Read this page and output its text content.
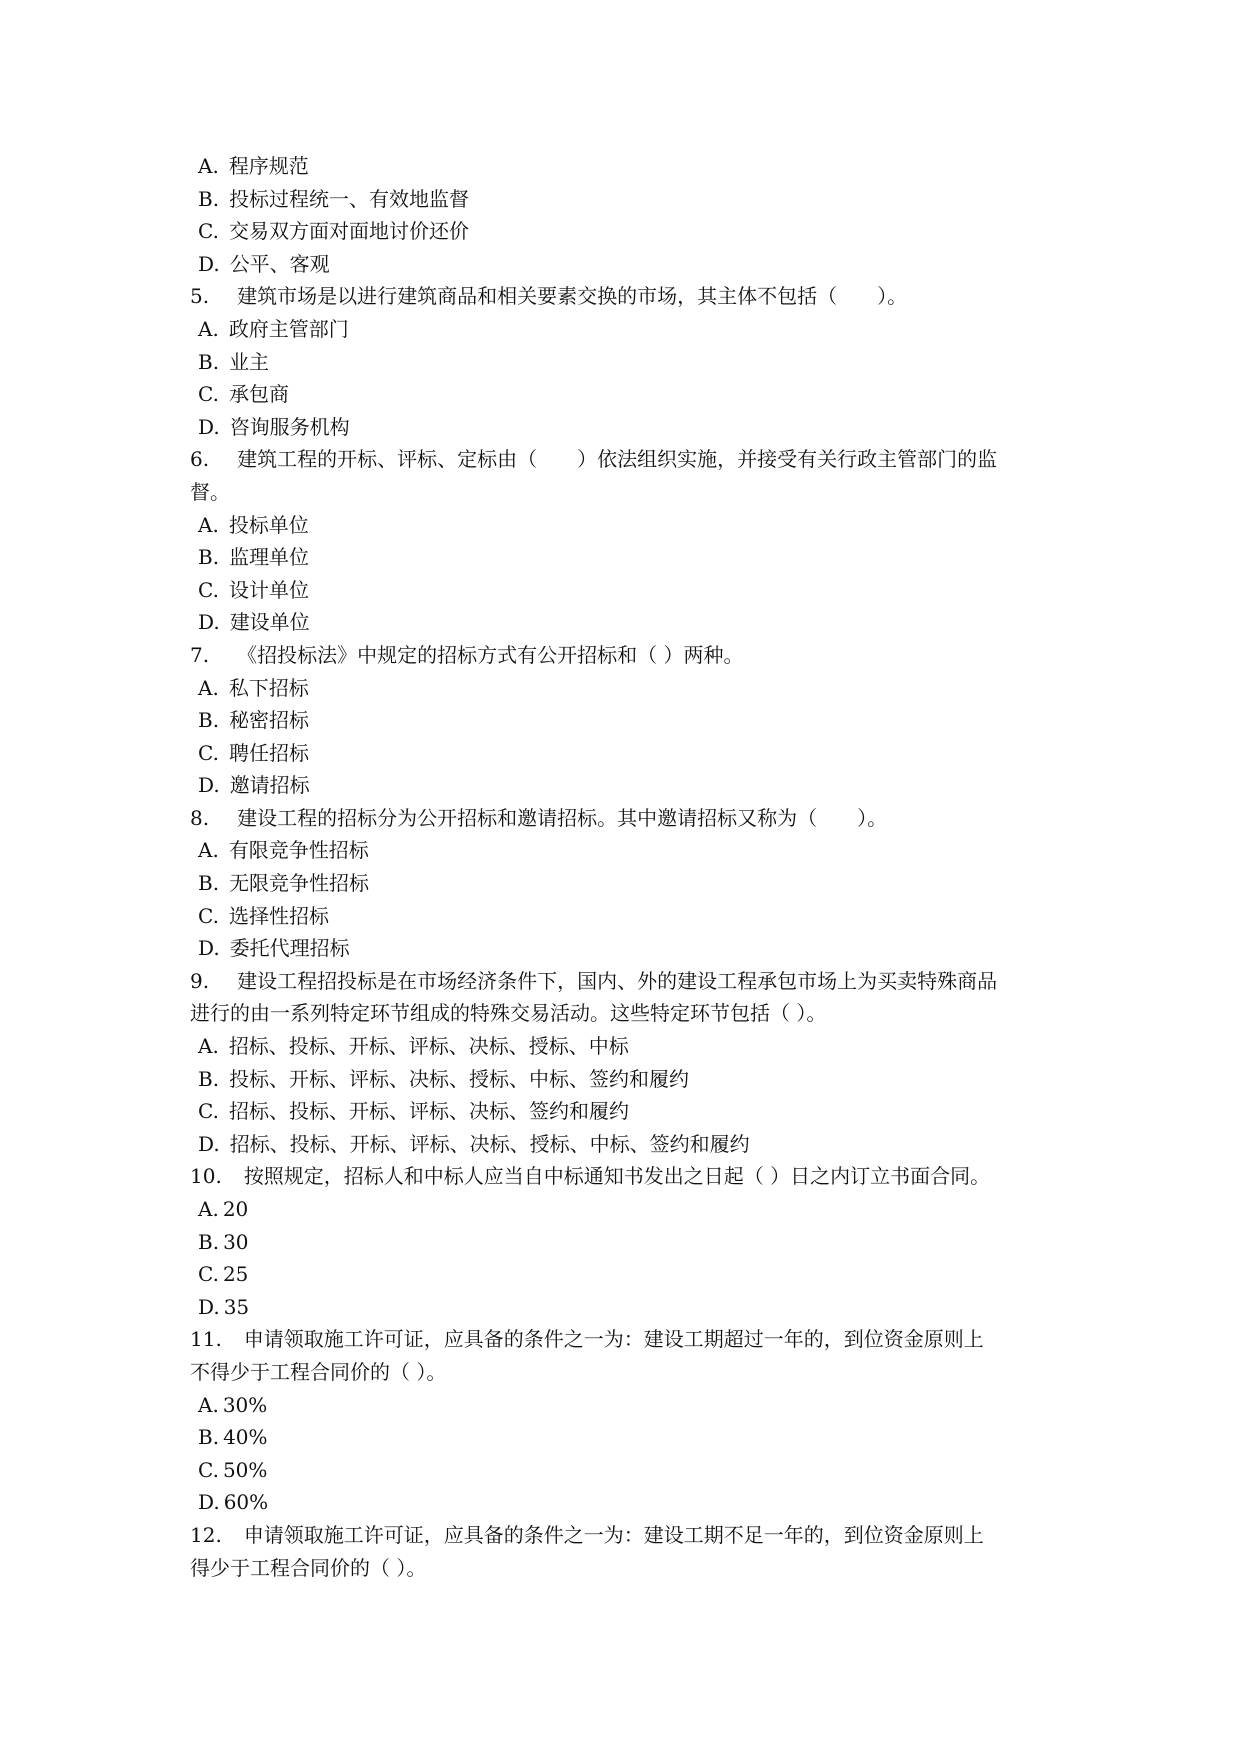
A. 程序规范
B. 投标过程统一、有效地监督
C. 交易双方面对面地讨价还价
D. 公平、客观
5. 建筑市场是以进行建筑商品和相关要素交换的市场，其主体不包括（　　）。
A. 政府主管部门
B. 业主
C. 承包商
D. 咨询服务机构
6. 建筑工程的开标、评标、定标由（　　）依法组织实施，并接受有关行政主管部门的监
督。
A. 投标单位
B. 监理单位
C. 设计单位
D. 建设单位
7. 《招投标法》中规定的招标方式有公开招标和（ ）两种。
A. 私下招标
B. 秘密招标
C. 聘任招标
D. 邀请招标
8. 建设工程的招标分为公开招标和邀请招标。其中邀请招标又称为（　　）。
A. 有限竞争性招标
B. 无限竞争性招标
C. 选择性招标
D. 委托代理招标
9. 建设工程招投标是在市场经济条件下，国内、外的建设工程承包市场上为买卖特殊商品
进行的由一系列特定环节组成的特殊交易活动。这些特定环节包括（ ）。
A. 招标、投标、开标、评标、决标、授标、中标
B. 投标、开标、评标、决标、授标、中标、签约和履约
C. 招标、投标、开标、评标、决标、签约和履约
D. 招标、投标、开标、评标、决标、授标、中标、签约和履约
10. 按照规定，招标人和中标人应当自中标通知书发出之日起（ ）日之内订立书面合同。
A. 20
B. 30
C. 25
D. 35
11. 申请领取施工许可证，应具备的条件之一为：建设工期超过一年的，到位资金原则上
不得少于工程合同价的（ ）。
A. 30%
B. 40%
C. 50%
D. 60%
12. 申请领取施工许可证，应具备的条件之一为：建设工期不足一年的，到位资金原则上
得少于工程合同价的（ ）。
